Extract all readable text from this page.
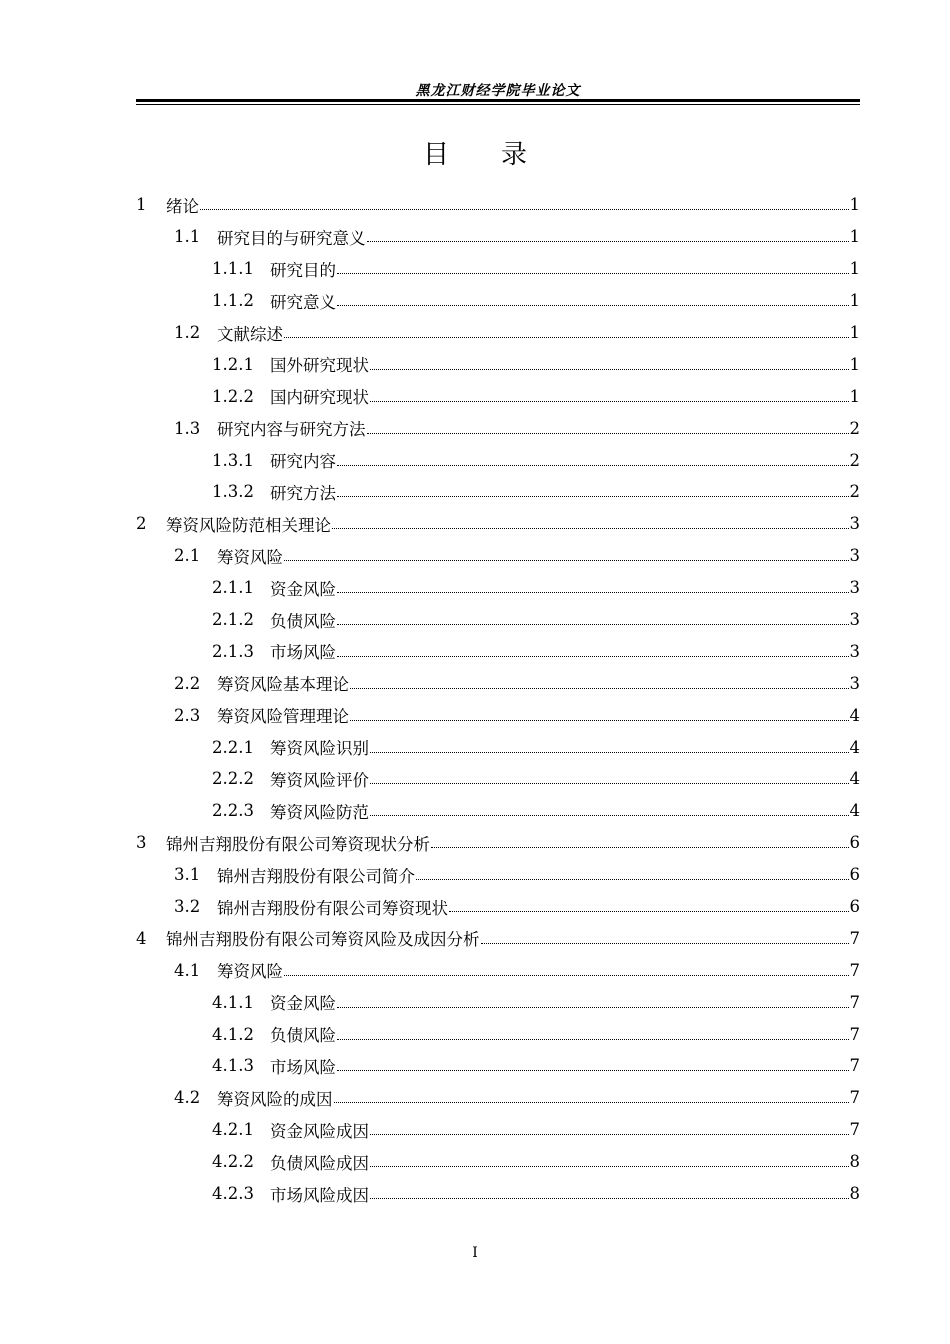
黑龙江财经学院毕业论文
目　　录
1	绪论	1
1.1	研究目的与研究意义	1
1.1.1 研究目的	1
1.1.2 研究意义	1
1.2	文献综述	1
1.2.1 国外研究现状	1
1.2.2 国内研究现状	1
1.3	研究内容与研究方法	2
1.3.1 研究内容	2
1.3.2 研究方法	2
2	筹资风险防范相关理论	3
2.1	筹资风险	3
2.1.1 资金风险	3
2.1.2 负债风险	3
2.1.3 市场风险	3
2.2	筹资风险基本理论	3
2.3	筹资风险管理理论	4
2.2.1 筹资风险识别	4
2.2.2 筹资风险评价	4
2.2.3 筹资风险防范	4
3	锦州吉翔股份有限公司筹资现状分析	6
3.1	锦州吉翔股份有限公司简介	6
3.2	锦州吉翔股份有限公司筹资现状	6
4	锦州吉翔股份有限公司筹资风险及成因分析	7
4.1	筹资风险	7
4.1.1 资金风险	7
4.1.2 负债风险	7
4.1.3 市场风险	7
4.2	筹资风险的成因	7
4.2.1 资金风险成因	7
4.2.2 负债风险成因	8
4.2.3 市场风险成因	8
I
